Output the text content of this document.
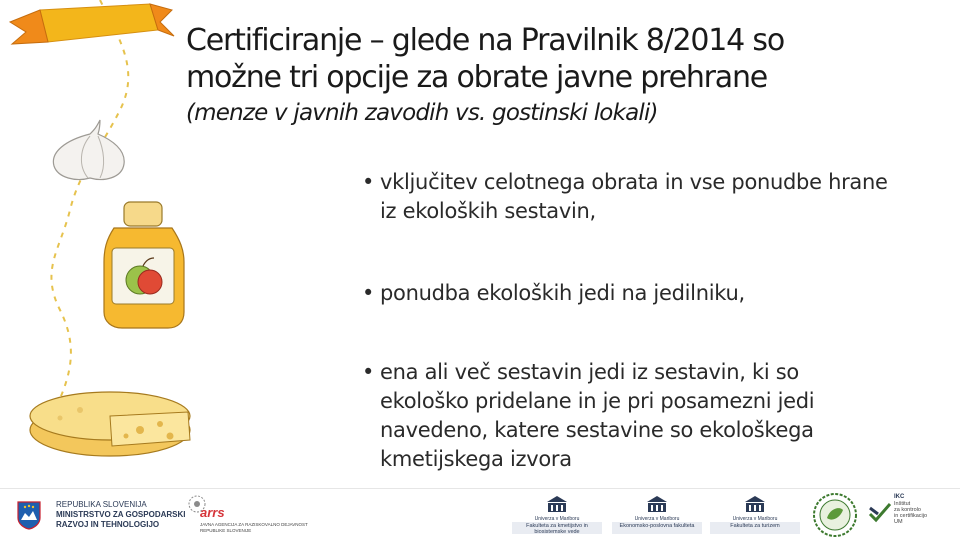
Certificiranje – glede na Pravilnik 8/2014 so
možne tri opcije za obrate javne prehrane
(menze v javnih zavodih vs. gostinski lokali)
• vključitev celotnega obrata in vse ponudbe hrane iz ekoloških sestavin,
• ponudba ekoloških jedi na jedilniku,
• ena ali več sestavin jedi iz sestavin, ki so ekološko pridelane in je pri posamezni jedi navedeno, katere sestavine so ekološkega kmetijskega izvora
REPUBLIKA SLOVENIJA
MINISTRSTVO ZA GOSPODARSKI
RAZVOJ IN TEHNOLOGIJO
arrs
JAVNA AGENCIJA ZA RAZISKOVALNO DEJAVNOST
REPUBLIKE SLOVENIJE
Univerza v Mariboru
Fakulteta za kmetijstvo in biosistemske vede
Univerza v Mariboru
Ekonomsko-poslovna fakulteta
Univerza v Mariboru
Fakulteta za turizem
IKC
Inštitut
za kontrolo
in certifikacijo
UM
